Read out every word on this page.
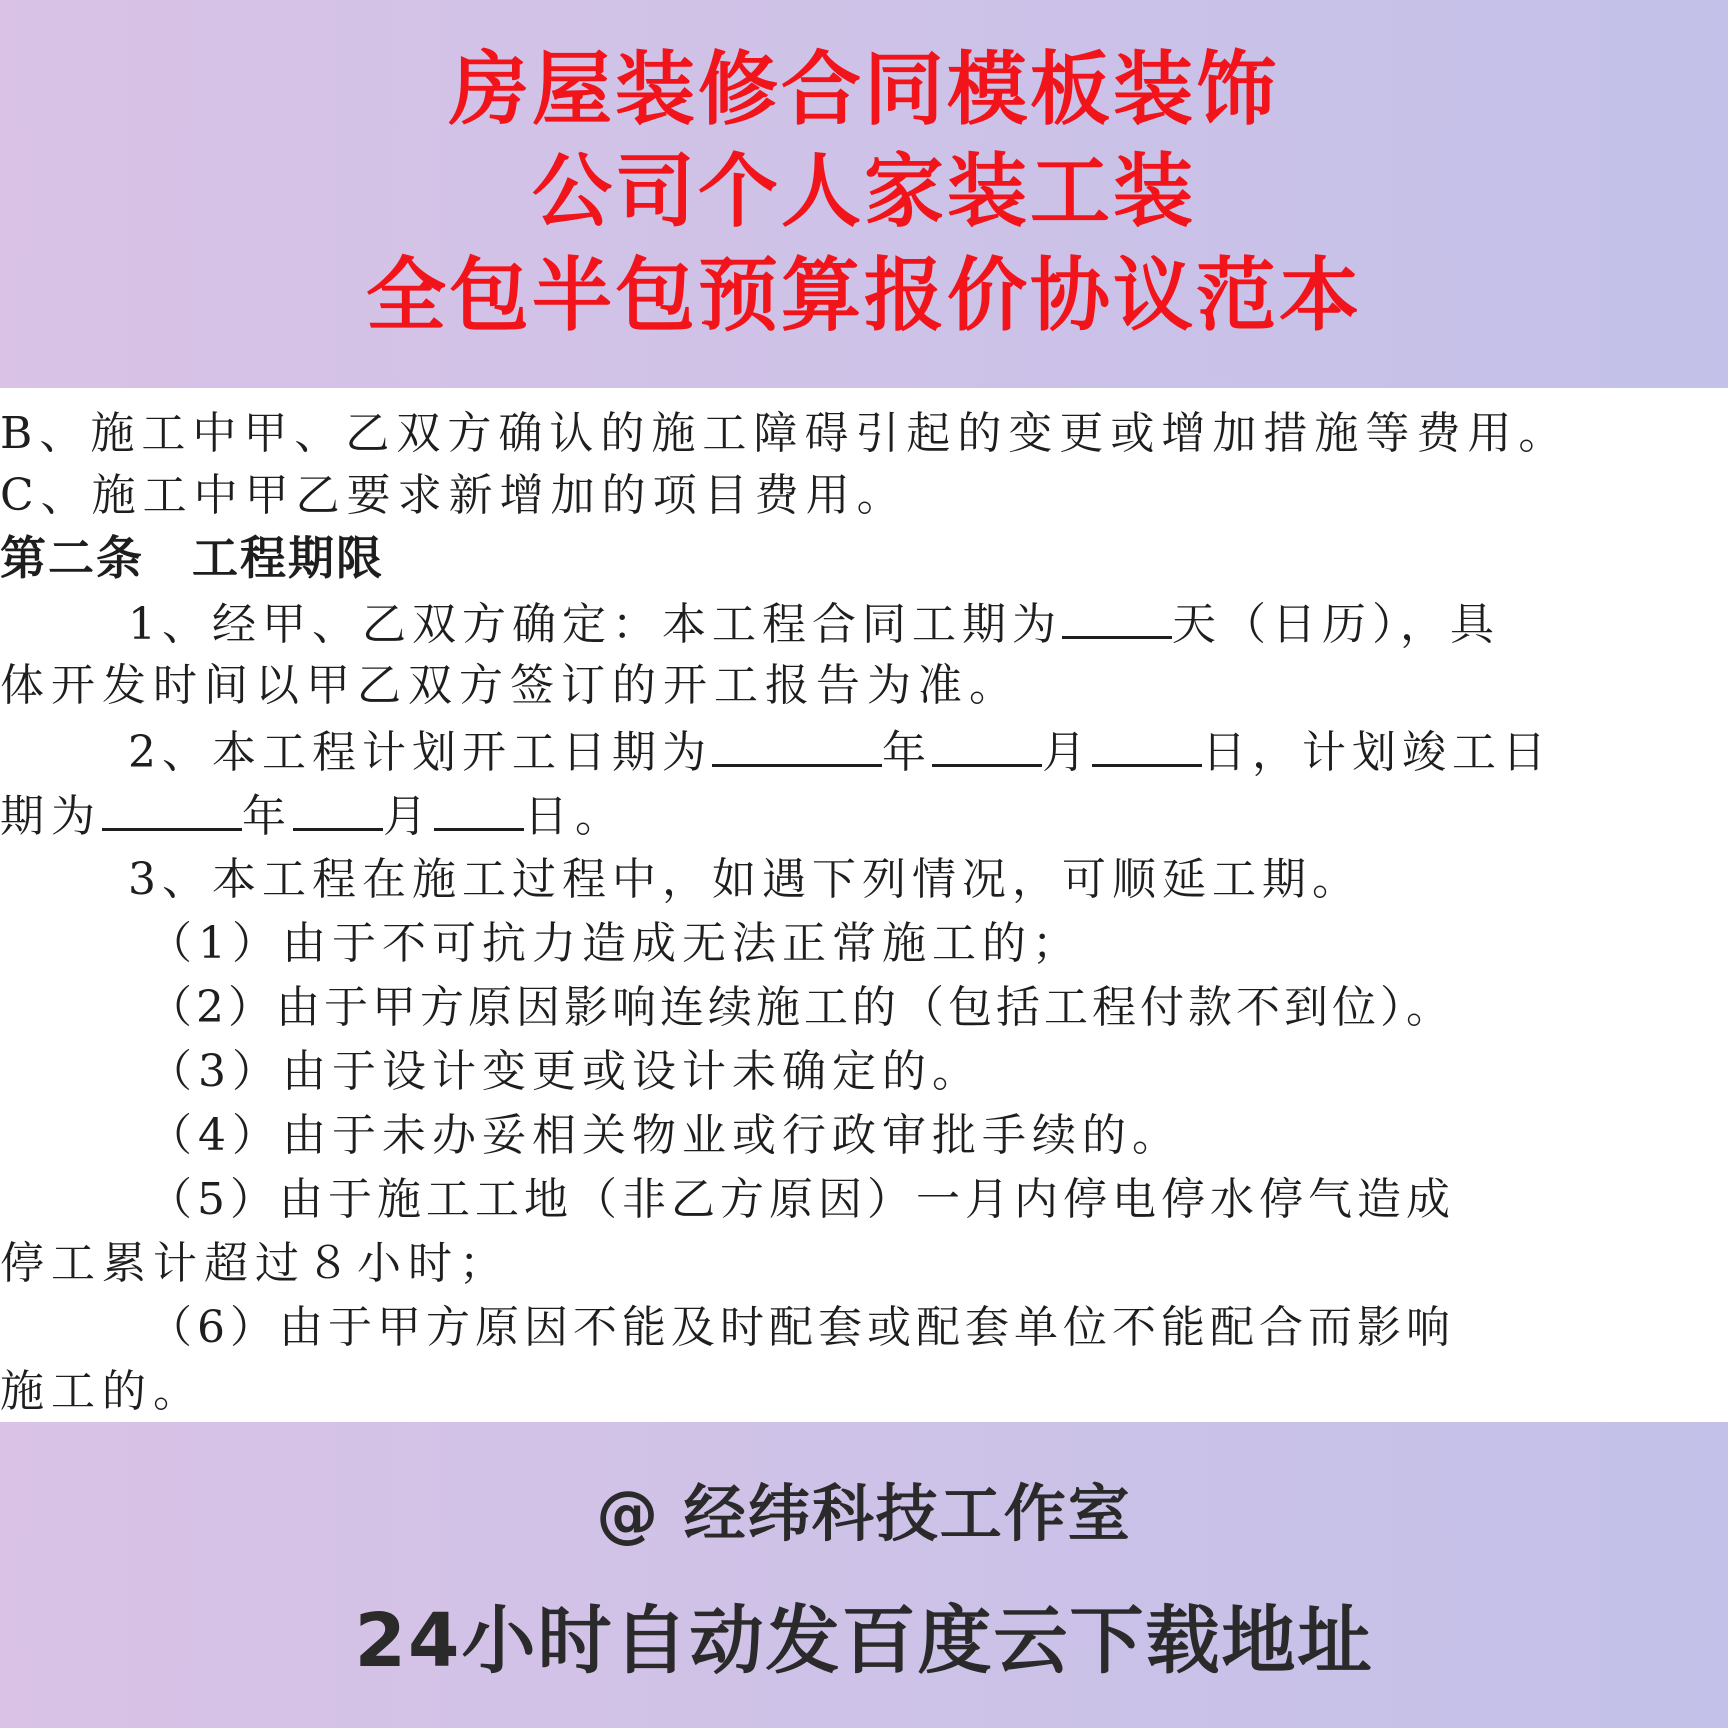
房屋装修合同模板装饰
公司个人家装工装
全包半包预算报价协议范本
B、施工中甲、乙双方确认的施工障碍引起的变更或增加措施等费用。
C、施工中甲乙要求新增加的项目费用。
第二条　工程期限
1、经甲、乙双方确定：本工程合同工期为	天（日历），具
体开发时间以甲乙双方签订的开工报告为准。
2、本工程计划开工日期为	年	月	日，计划竣工日
期为	年 月 日。
3、本工程在施工过程中，如遇下列情况，可顺延工期。
（1）由于不可抗力造成无法正常施工的；
（2）由于甲方原因影响连续施工的（包括工程付款不到位）。
（3）由于设计变更或设计未确定的。
（4）由于未办妥相关物业或行政审批手续的。
（5）由于施工工地（非乙方原因）一月内停电停水停气造成
停工累计超过８小时；
（6）由于甲方原因不能及时配套或配套单位不能配合而影响
施工的。
@ 经纬科技工作室
24小时自动发百度云下载地址
